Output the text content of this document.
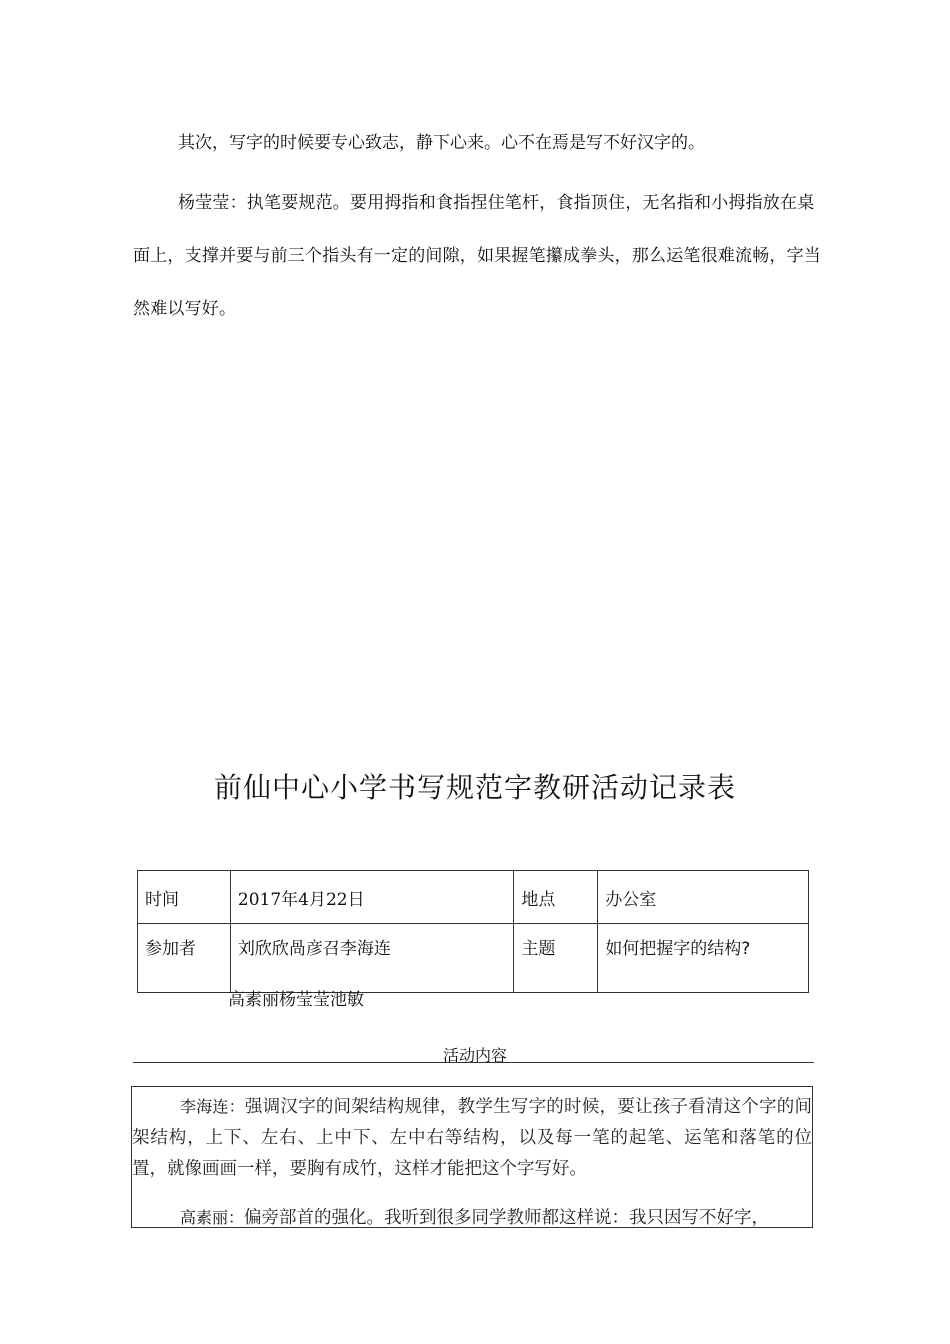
其次，写字的时候要专心致志，静下心来。心不在焉是写不好汉字的。

杨莹莹：执笔要规范。要用拇指和食指捏住笔杆，食指顶住，无名指和小拇指放在桌面上，支撑并要与前三个指头有一定的间隙，如果握笔攥成拳头，那么运笔很难流畅，字当然难以写好。

前仙中心小学书写规范字教研活动记录表
时间	2017年4月22日	地点	办公室
参加者	刘欣欣咼彦召李海连	主题	如何把握字的结构?
高素丽杨莹莹池敏
活动内容

李海连：强调汉字的间架结构规律，教学生写字的时候，要让孩子看清这个字的间架结构，上下、左右、上中下、左中右等结构，以及每一笔的起笔、运笔和落笔的位置，就像画画一样，要胸有成竹，这样才能把这个字写好。

高素丽：偏旁部首的强化。我听到很多同学教师都这样说：我只因写不好字，
